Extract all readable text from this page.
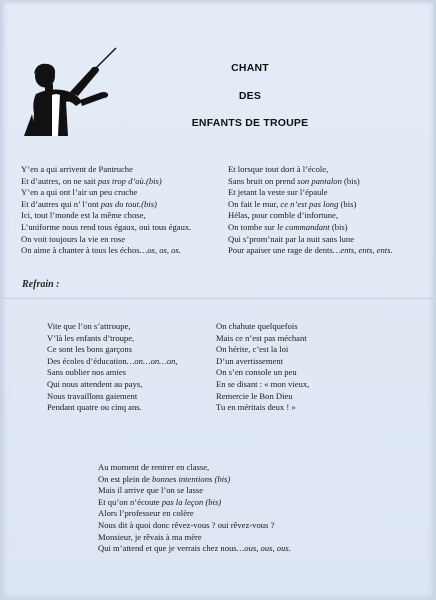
CHANT
DES
ENFANTS DE TROUPE
Y’en a qui arrivent de Pantruche
Et d’autres, on ne sait pas trop d’où.(bis)
Y’en a qui ont l’air un peu cruche
Et d’autres qui n’ l’ont pas du tout.(bis)
Ici, tout l’monde est la même chose,
L’uniforme nous rend tous égaux, oui tous égaux.
On voit toujours la vie en rose
On aime à chanter à tous les échos…os, os, os.
Et lorsque tout dort à l’école,
Sans bruit on prend son pantalon (bis)
Et jetant la veste sur l’épaule
On fait le mur, ce n’est pas long (bis)
Hélas, pour comble d’infortune,
On tombe sur le commandant (bis)
Qui s’prom’nait par la nuit sans lune
Pour apaiser une rage de dents…ents, ents, ents.
Refrain :
Vite que l’on s’attroupe,
V’là les enfants d’troupe,
Ce sont les bons garçons
Des écoles d’éducation…on…on…on,
Sans oublier nos amies
Qui nous attendent au pays,
Nous travaillons gaiement
Pendant quatre ou cinq ans.
On chahute quelquefois
Mais ce n’est pas méchant
On hérite, c’est la loi
D’un avertissement
On s’en console un peu
En se disant : « mon vieux,
Remercie le Bon Dieu
Tu en méritais deux ! »
Au moment de rentrer en classe,
On est plein de bonnes intentions (bis)
Mais il arrive que l’on se lasse
Et qu’on n’écoute pas la leçon (bis)
Alors l’professeur en colère
Nous dit à quoi donc rêvez-vous ? oui rêvez-vous ?
Monsieur, je rêvais à ma mère
Qui m’attend et que je verrais chez nous…ous, ous, ous.
